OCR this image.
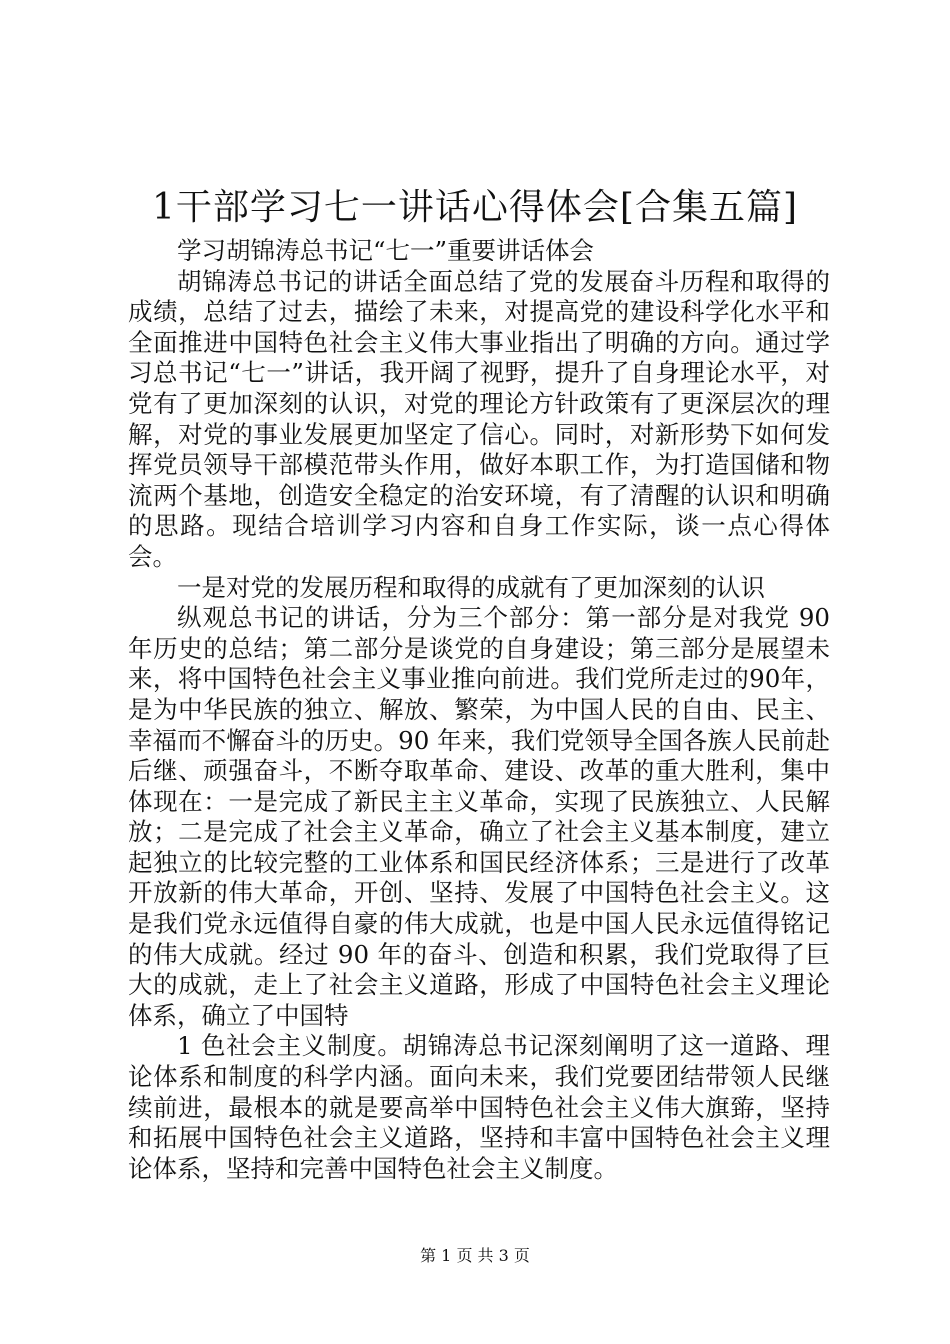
1干部学习七一讲话心得体会[合集五篇]

学习胡锦涛总书记“七一”重要讲话体会

胡锦涛总书记的讲话全面总结了党的发展奋斗历程和取得的成绩，总结了过去，描绘了未来，对提高党的建设科学化水平和全面推进中国特色社会主义伟大事业指出了明确的方向。通过学习总书记“七一”讲话，我开阔了视野，提升了自身理论水平，对党有了更加深刻的认识，对党的理论方针政策有了更深层次的理解，对党的事业发展更加坚定了信心。同时，对新形势下如何发挥党员领导干部模范带头作用，做好本职工作，为打造国储和物流两个基地，创造安全稳定的治安环境，有了清醒的认识和明确的思路。现结合培训学习内容和自身工作实际，谈一点心得体会。

一是对党的发展历程和取得的成就有了更加深刻的认识

纵观总书记的讲话，分为三个部分：第一部分是对我党 90 年历史的总结；第二部分是谈党的自身建设；第三部分是展望未来，将中国特色社会主义事业推向前进。我们党所走过的90年，是为中华民族的独立、解放、繁荣，为中国人民的自由、民主、幸福而不懈奋斗的历史。90 年来，我们党领导全国各族人民前赴后继、顽强奋斗，不断夺取革命、建设、改革的重大胜利，集中体现在：一是完成了新民主主义革命，实现了民族独立、人民解放；二是完成了社会主义革命，确立了社会主义基本制度，建立起独立的比较完整的工业体系和国民经济体系；三是进行了改革开放新的伟大革命，开创、坚持、发展了中国特色社会主义。这是我们党永远值得自豪的伟大成就，也是中国人民永远值得铭记的伟大成就。经过 90 年的奋斗、创造和积累，我们党取得了巨大的成就，走上了社会主义道路，形成了中国特色社会主义理论体系，确立了中国特

1 色社会主义制度。胡锦涛总书记深刻阐明了这一道路、理论体系和制度的科学内涵。面向未来，我们党要团结带领人民继续前进，最根本的就是要高举中国特色社会主义伟大旗臶，坚持和拓展中国特色社会主义道路，坚持和丰富中国特色社会主义理论体系，坚持和完善中国特色社会主义制度。

第 1 页 共 3 页
